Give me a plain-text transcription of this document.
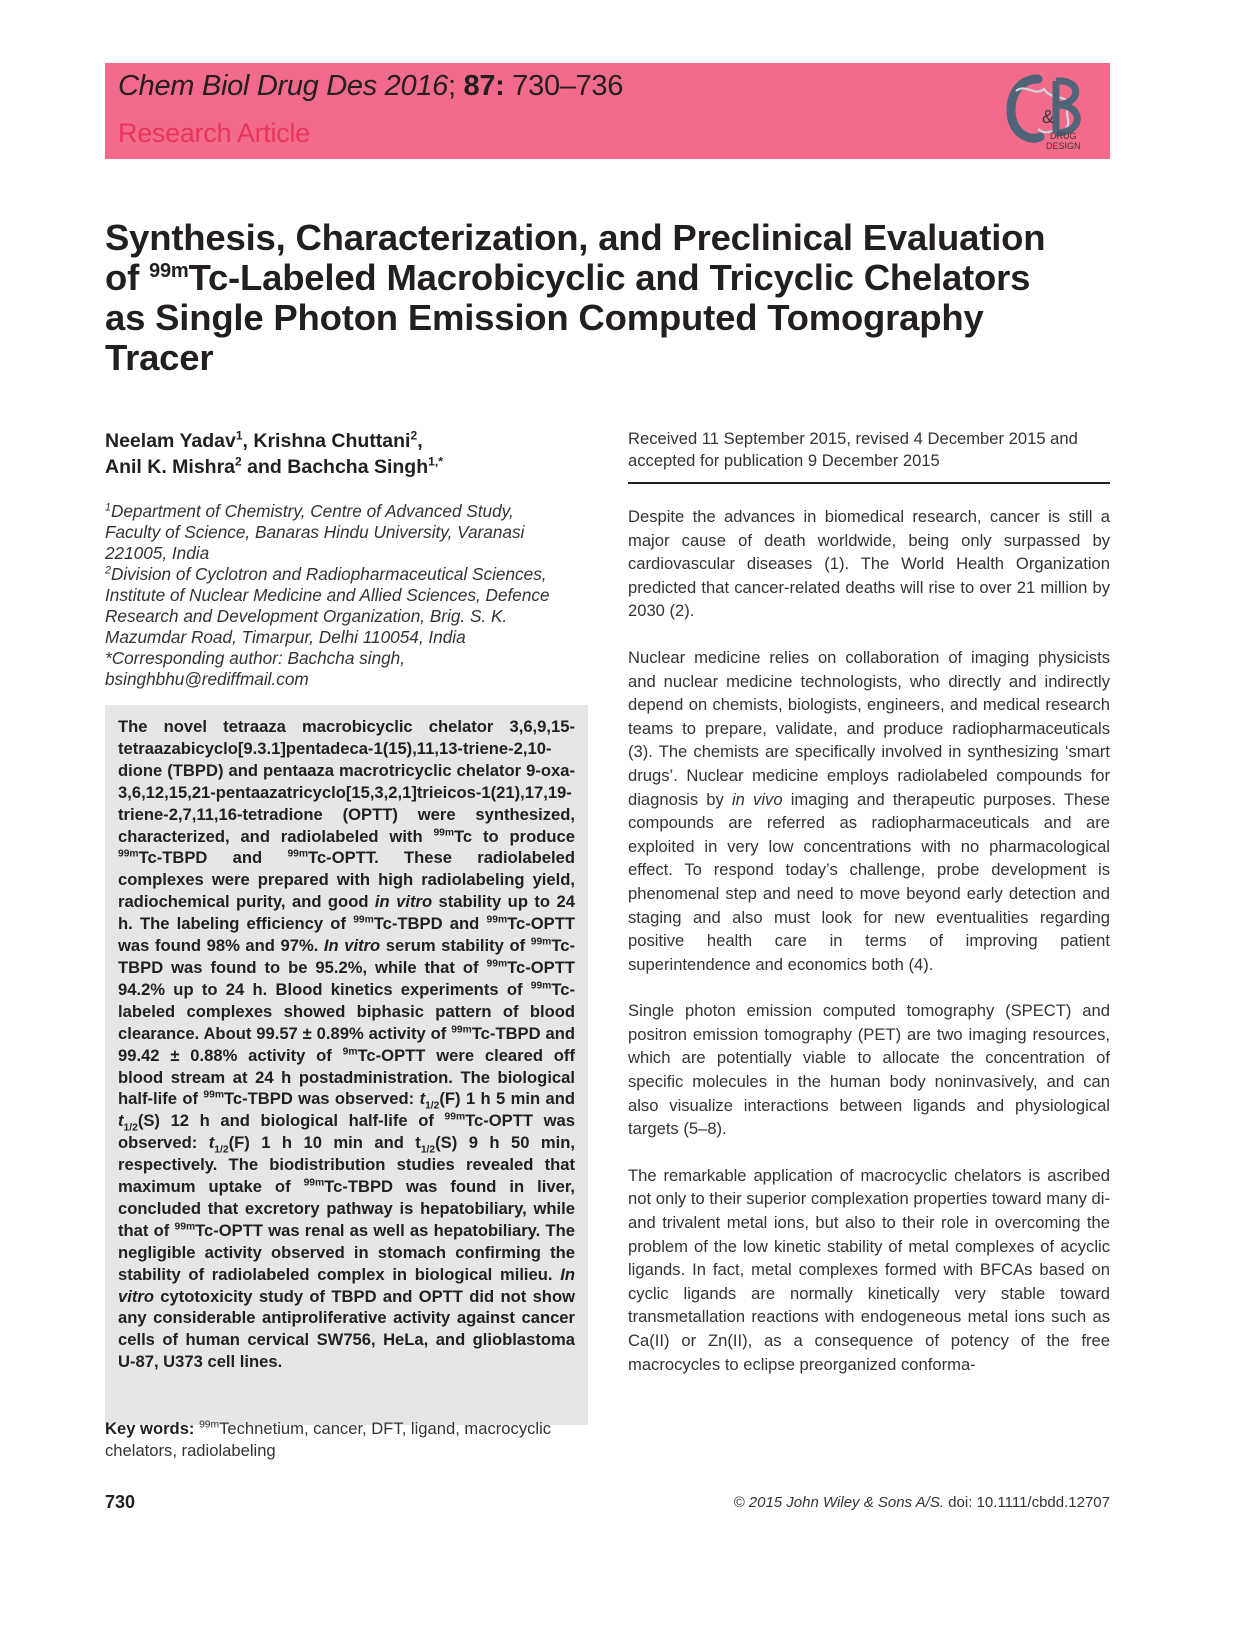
Chem Biol Drug Des 2016; 87: 730–736
Research Article
&
DRUG
DESIGN
Synthesis, Characterization, and Preclinical Evaluation
of $^{99m}$Tc-Labeled Macrobicyclic and Tricyclic Chelators
as Single Photon Emission Computed Tomography
Tracer
Neelam Yadav$^1$, Krishna Chuttani$^2$,
Anil K. Mishra$^2$ and Bachcha Singh$^{1,*}$
$^1$Department of Chemistry, Centre of Advanced Study,
Faculty of Science, Banaras Hindu University, Varanasi
221005, India
$^2$Division of Cyclotron and Radiopharmaceutical Sciences,
Institute of Nuclear Medicine and Allied Sciences, Defence
Research and Development Organization, Brig. S. K.
Mazumdar Road, Timarpur, Delhi 110054, India
*Corresponding author: Bachcha singh,
bsinghbhu@rediffmail.com

The novel tetraaza macrobicyclic chelator 3,6,9,15-tetraazabicyclo[9.3.1]pentadeca-1(15),11,13-triene-2,10-dione (TBPD) and pentaaza macrotricyclic chelator 9-oxa-3,6,12,15,21-pentaazatricyclo[15,3,2,1]trieicos-1(21),17,19-triene-2,7,11,16-tetradione (OPTT) were synthesized, characterized, and radiolabeled with $^{99m}$Tc to produce $^{99m}$Tc-TBPD and $^{99m}$Tc-OPTT. These radiolabeled complexes were prepared with high radiolabeling yield, radiochemical purity, and good in vitro stability up to 24 h. The labeling efficiency of $^{99m}$Tc-TBPD and $^{99m}$Tc-OPTT was found 98% and 97%. In vitro serum stability of $^{99m}$Tc-TBPD was found to be 95.2%, while that of $^{99m}$Tc-OPTT 94.2% up to 24 h. Blood kinetics experiments of $^{99m}$Tc-labeled complexes showed biphasic pattern of blood clearance. About 99.57 ± 0.89% activity of $^{99m}$Tc-TBPD and 99.42 ± 0.88% activity of $^{9m}$Tc-OPTT were cleared off blood stream at 24 h postadministration. The biological half-life of $^{99m}$Tc-TBPD was observed: $t_{1/2}(F)$ 1 h 5 min and $t_{1/2}(S)$ 12 h and biological half-life of $^{99m}$Tc-OPTT was observed: $t_{1/2}(F)$ 1 h 10 min and $t_{1/2}(S)$ 9 h 50 min, respectively. The biodistribution studies revealed that maximum uptake of $^{99m}$Tc-TBPD was found in liver, concluded that excretory pathway is hepatobiliary, while that of $^{99m}$Tc-OPTT was renal as well as hepatobiliary. The negligible activity observed in stomach confirming the stability of radiolabeled complex in biological milieu. In vitro cytotoxicity study of TBPD and OPTT did not show any considerable antiproliferative activity against cancer cells of human cervical SW756, HeLa, and glioblastoma U-87, U373 cell lines.

Key words: $^{99m}$Technetium, cancer, DFT, ligand, macrocyclic chelators, radiolabeling
Received 11 September 2015, revised 4 December 2015 and accepted for publication 9 December 2015

Despite the advances in biomedical research, cancer is still a major cause of death worldwide, being only surpassed by cardiovascular diseases (1). The World Health Organization predicted that cancer-related deaths will rise to over 21 million by 2030 (2).

Nuclear medicine relies on collaboration of imaging physicists and nuclear medicine technologists, who directly and indirectly depend on chemists, biologists, engineers, and medical research teams to prepare, validate, and produce radiopharmaceuticals (3). The chemists are specifically involved in synthesizing ‘smart drugs’. Nuclear medicine employs radiolabeled compounds for diagnosis by in vivo imaging and therapeutic purposes. These compounds are referred as radiopharmaceuticals and are exploited in very low concentrations with no pharmacological effect. To respond today’s challenge, probe development is phenomenal step and need to move beyond early detection and staging and also must look for new eventualities regarding positive health care in terms of improving patient superintendence and economics both (4).

Single photon emission computed tomography (SPECT) and positron emission tomography (PET) are two imaging resources, which are potentially viable to allocate the concentration of specific molecules in the human body noninvasively, and can also visualize interactions between ligands and physiological targets (5–8).

The remarkable application of macrocyclic chelators is ascribed not only to their superior complexation properties toward many di- and trivalent metal ions, but also to their role in overcoming the problem of the low kinetic stability of metal complexes of acyclic ligands. In fact, metal complexes formed with BFCAs based on cyclic ligands are normally kinetically very stable toward transmetallation reactions with endogeneous metal ions such as Ca(II) or Zn(II), as a consequence of potency of the free macrocycles to eclipse preorganized conforma-

730	© 2015 John Wiley & Sons A/S. doi: 10.1111/cbdd.12707
